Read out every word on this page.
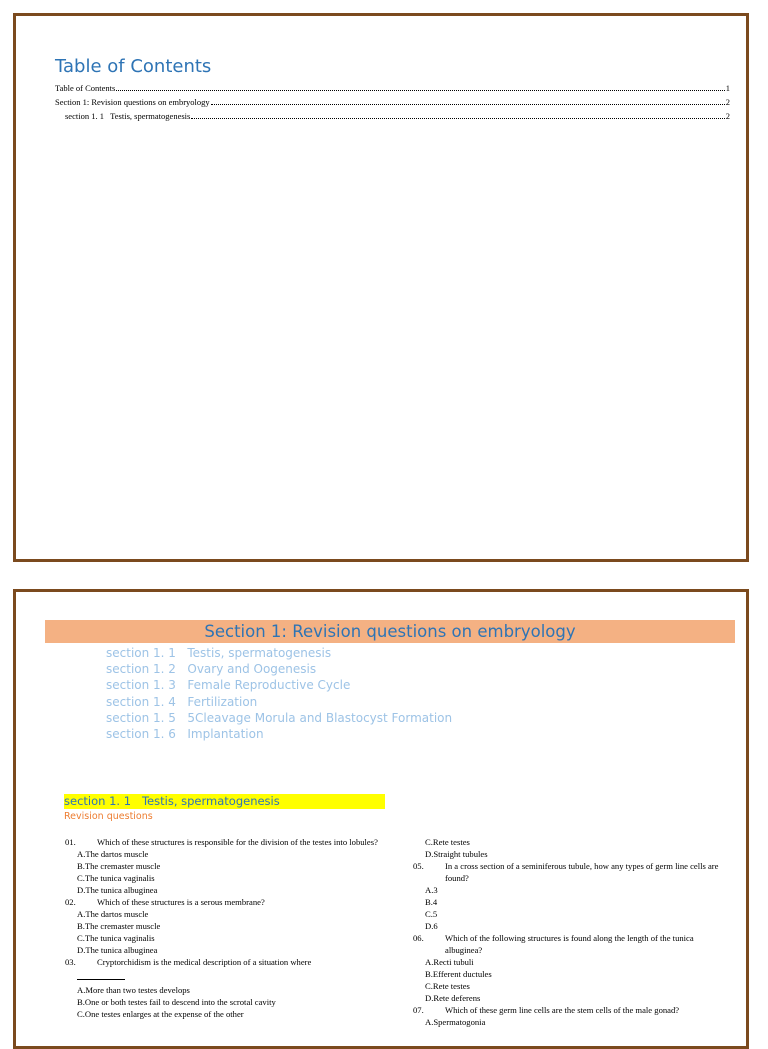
Table of Contents
Table of Contents	1
Section 1: Revision questions on embryology	2
section 1. 1   Testis, spermatogenesis	2
Section 1: Revision questions on embryology
section 1. 1   Testis, spermatogenesis
section 1. 2   Ovary and Oogenesis
section 1. 3   Female Reproductive Cycle
section 1. 4   Fertilization
section 1. 5   5Cleavage Morula and Blastocyst Formation
section 1. 6   Implantation
section 1. 1   Testis, spermatogenesis
Revision questions
01.	Which of these structures is responsible for the division of the testes into lobules?
A.The dartos muscle
B.The cremaster muscle
C.The tunica vaginalis
D.The tunica albuginea
02.	Which of these structures is a serous membrane?
A.The dartos muscle
B.The cremaster muscle
C.The tunica vaginalis
D.The tunica albuginea
03.	Cryptorchidism is the medical description of a situation where
A.More than two testes develops
B.One or both testes fail to descend into the scrotal cavity
C.One testes enlarges at the expense of the other
C.Rete testes
D.Straight tubules
05.	In a cross section of a seminiferous tubule, how any types of germ line cells are found?
A.3
B.4
C.5
D.6
06.	Which of the following structures is found along the length of the tunica albuginea?
A.Recti tubuli
B.Efferent ductules
C.Rete testes
D.Rete deferens
07.	Which of these germ line cells are the stem cells of the male gonad?
A.Spermatogonia
